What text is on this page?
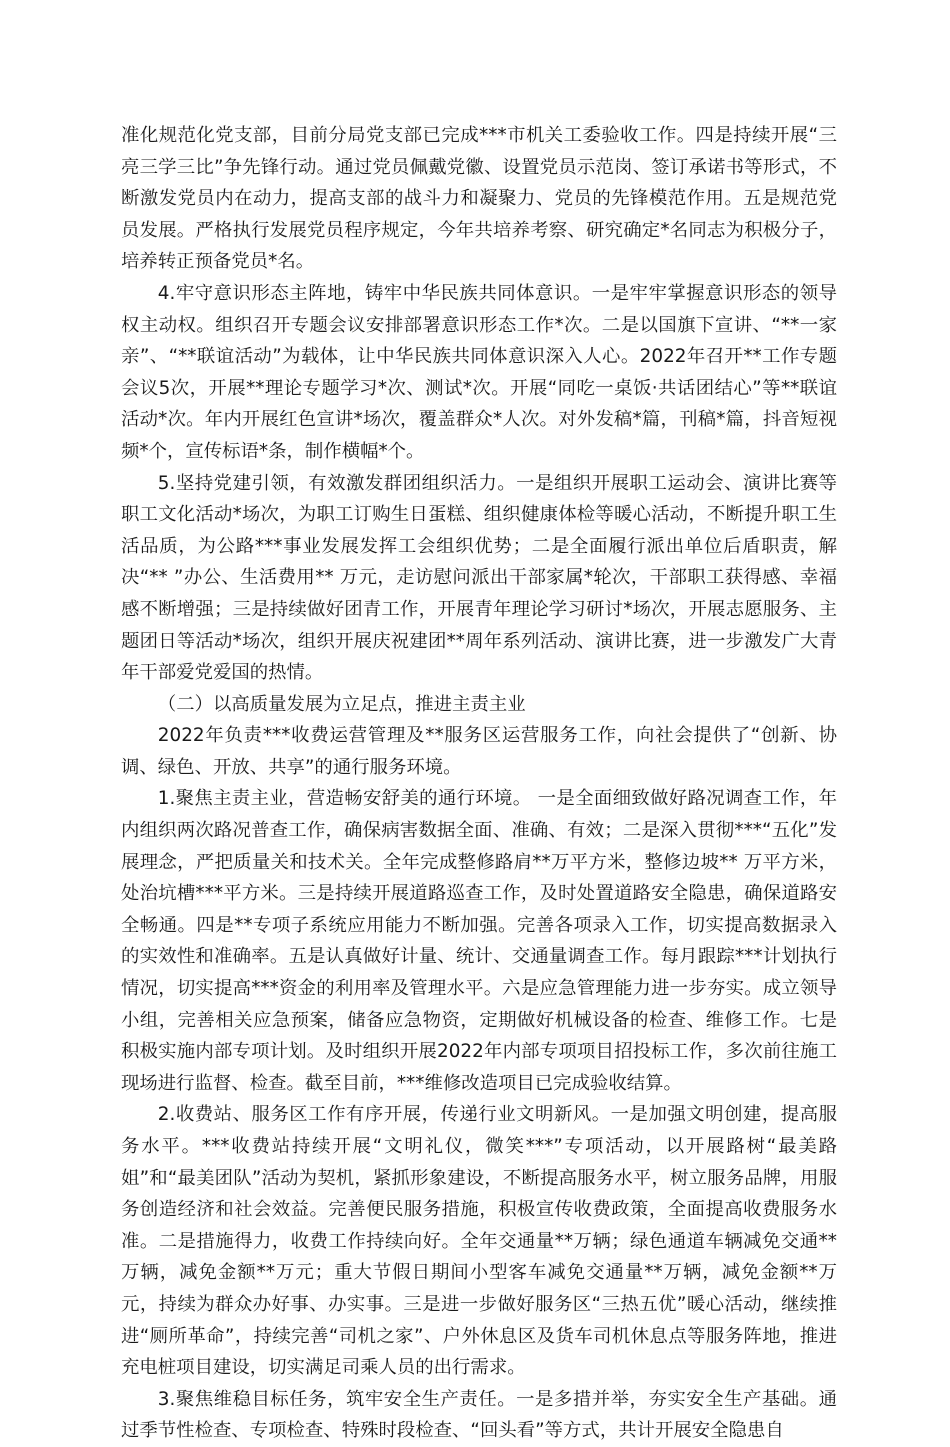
准化规范化党支部，目前分局党支部已完成***市机关工委验收工作。四是持续开展“三亮三学三比”争先锋行动。通过党员佩戴党徽、设置党员示范岗、签订承诺书等形式，不断激发党员内在动力，提高支部的战斗力和凝聚力、党员的先锋模范作用。五是规范党员发展。严格执行发展党员程序规定，今年共培养考察、研究确定*名同志为积极分子，培养转正预备党员*名。

4.牢守意识形态主阵地，铸牢中华民族共同体意识。一是牢牢掌握意识形态的领导权主动权。组织召开专题会议安排部署意识形态工作*次。二是以国旗下宣讲、“**一家亲”、“**联谊活动”为载体，让中华民族共同体意识深入人心。2022年召开**工作专题会议5次，开展**理论专题学习*次、测试*次。开展“同吃一桌饭·共话团结心”等**联谊活动*次。年内开展红色宣讲*场次，覆盖群众*人次。对外发稿*篇，刊稿*篇，抖音短视频*个，宣传标语*条，制作横幅*个。

5.坚持党建引领，有效激发群团组织活力。一是组织开展职工运动会、演讲比赛等职工文化活动*场次，为职工订购生日蛋糕、组织健康体检等暖心活动，不断提升职工生活品质，为公路***事业发展发挥工会组织优势；二是全面履行派出单位后盾职责，解决“** ”办公、生活费用** 万元，走访慰问派出干部家属*轮次，干部职工获得感、幸福感不断增强；三是持续做好团青工作，开展青年理论学习研讨*场次，开展志愿服务、主题团日等活动*场次，组织开展庆祝建团**周年系列活动、演讲比赛，进一步激发广大青年干部爱党爱国的热情。

（二）以高质量发展为立足点，推进主责主业

2022年负责***收费运营管理及**服务区运营服务工作，向社会提供了“创新、协调、绿色、开放、共享”的通行服务环境。

1.聚焦主责主业，营造畅安舒美的通行环境。 一是全面细致做好路况调查工作，年内组织两次路况普查工作，确保病害数据全面、准确、有效；二是深入贯彻***“五化”发展理念，严把质量关和技术关。全年完成整修路肩**万平方米，整修边坡** 万平方米，处治坑槽***平方米。三是持续开展道路巡查工作，及时处置道路安全隐患，确保道路安全畅通。四是**专项子系统应用能力不断加强。完善各项录入工作，切实提高数据录入的实效性和准确率。五是认真做好计量、统计、交通量调查工作。每月跟踪***计划执行情况，切实提高***资金的利用率及管理水平。六是应急管理能力进一步夯实。成立领导小组，完善相关应急预案，储备应急物资，定期做好机械设备的检查、维修工作。七是积极实施内部专项计划。及时组织开展2022年内部专项项目招投标工作，多次前往施工现场进行监督、检查。截至目前，***维修改造项目已完成验收结算。

2.收费站、服务区工作有序开展，传递行业文明新风。一是加强文明创建，提高服务水平。***收费站持续开展“文明礼仪，微笑***”专项活动，以开展路树“最美路姐”和“最美团队”活动为契机，紧抓形象建设，不断提高服务水平，树立服务品牌，用服务创造经济和社会效益。完善便民服务措施，积极宣传收费政策，全面提高收费服务水准。二是措施得力，收费工作持续向好。全年交通量**万辆；绿色通道车辆减免交通**万辆，减免金额**万元；重大节假日期间小型客车减免交通量**万辆，减免金额**万元，持续为群众办好事、办实事。三是进一步做好服务区“三热五优”暖心活动，继续推进“厕所革命”，持续完善“司机之家”、户外休息区及货车司机休息点等服务阵地，推进充电桩项目建设，切实满足司乘人员的出行需求。

3.聚焦维稳目标任务，筑牢安全生产责任。一是多措并举，夯实安全生产基础。通过季节性检查、专项检查、特殊时段检查、“回头看”等方式，共计开展安全隐患自
